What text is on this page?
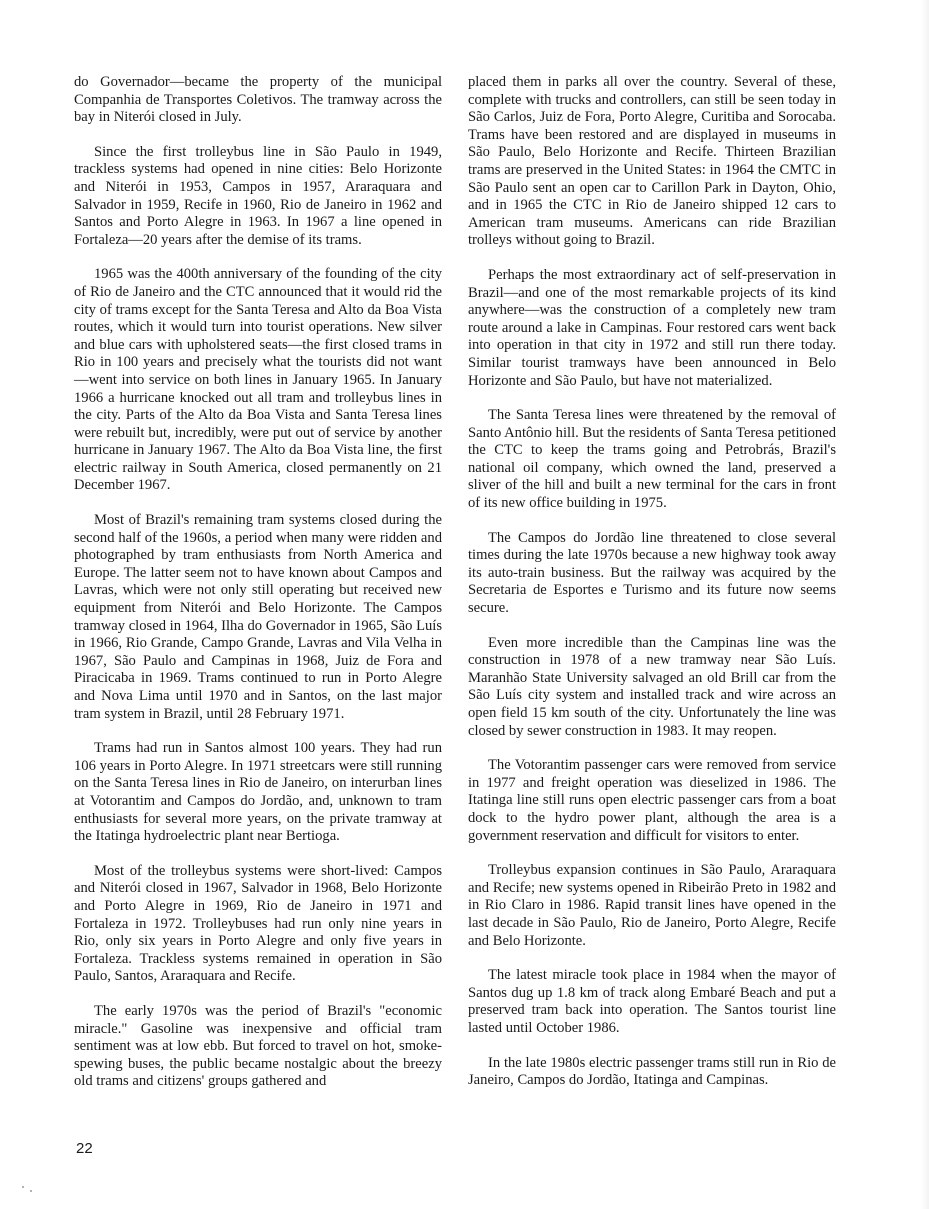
do Governador—became the property of the municipal Companhia de Transportes Coletivos. The tramway across the bay in Niterói closed in July.

Since the first trolleybus line in São Paulo in 1949, trackless systems had opened in nine cities: Belo Horizonte and Niterói in 1953, Campos in 1957, Araraquara and Salvador in 1959, Recife in 1960, Rio de Janeiro in 1962 and Santos and Porto Alegre in 1963. In 1967 a line opened in Fortaleza—20 years after the demise of its trams.

1965 was the 400th anniversary of the founding of the city of Rio de Janeiro and the CTC announced that it would rid the city of trams except for the Santa Teresa and Alto da Boa Vista routes, which it would turn into tourist operations. New silver and blue cars with upholstered seats—the first closed trams in Rio in 100 years and precisely what the tourists did not want—went into service on both lines in January 1965. In January 1966 a hurricane knocked out all tram and trolleybus lines in the city. Parts of the Alto da Boa Vista and Santa Teresa lines were rebuilt but, incredibly, were put out of service by another hurricane in January 1967. The Alto da Boa Vista line, the first electric railway in South America, closed permanently on 21 December 1967.

Most of Brazil's remaining tram systems closed during the second half of the 1960s, a period when many were ridden and photographed by tram enthusiasts from North America and Europe. The latter seem not to have known about Campos and Lavras, which were not only still operating but received new equipment from Niterói and Belo Horizonte. The Campos tramway closed in 1964, Ilha do Governador in 1965, São Luís in 1966, Rio Grande, Campo Grande, Lavras and Vila Velha in 1967, São Paulo and Campinas in 1968, Juiz de Fora and Piracicaba in 1969. Trams continued to run in Porto Alegre and Nova Lima until 1970 and in Santos, on the last major tram system in Brazil, until 28 February 1971.

Trams had run in Santos almost 100 years. They had run 106 years in Porto Alegre. In 1971 streetcars were still running on the Santa Teresa lines in Rio de Janeiro, on interurban lines at Votorantim and Campos do Jordão, and, unknown to tram enthusiasts for several more years, on the private tramway at the Itatinga hydroelectric plant near Bertioga.

Most of the trolleybus systems were short-lived: Campos and Niterói closed in 1967, Salvador in 1968, Belo Horizonte and Porto Alegre in 1969, Rio de Janeiro in 1971 and Fortaleza in 1972. Trolleybuses had run only nine years in Rio, only six years in Porto Alegre and only five years in Fortaleza. Trackless systems remained in operation in São Paulo, Santos, Araraquara and Recife.

The early 1970s was the period of Brazil's "economic miracle." Gasoline was inexpensive and official tram sentiment was at low ebb. But forced to travel on hot, smoke-spewing buses, the public became nostalgic about the breezy old trams and citizens' groups gathered and

placed them in parks all over the country. Several of these, complete with trucks and controllers, can still be seen today in São Carlos, Juiz de Fora, Porto Alegre, Curitiba and Sorocaba. Trams have been restored and are displayed in museums in São Paulo, Belo Horizonte and Recife. Thirteen Brazilian trams are preserved in the United States: in 1964 the CMTC in São Paulo sent an open car to Carillon Park in Dayton, Ohio, and in 1965 the CTC in Rio de Janeiro shipped 12 cars to American tram museums. Americans can ride Brazilian trolleys without going to Brazil.

Perhaps the most extraordinary act of self-preservation in Brazil—and one of the most remarkable projects of its kind anywhere—was the construction of a completely new tram route around a lake in Campinas. Four restored cars went back into operation in that city in 1972 and still run there today. Similar tourist tramways have been announced in Belo Horizonte and São Paulo, but have not materialized.

The Santa Teresa lines were threatened by the removal of Santo Antônio hill. But the residents of Santa Teresa petitioned the CTC to keep the trams going and Petrobrás, Brazil's national oil company, which owned the land, preserved a sliver of the hill and built a new terminal for the cars in front of its new office building in 1975.

The Campos do Jordão line threatened to close several times during the late 1970s because a new highway took away its auto-train business. But the railway was acquired by the Secretaria de Esportes e Turismo and its future now seems secure.

Even more incredible than the Campinas line was the construction in 1978 of a new tramway near São Luís. Maranhão State University salvaged an old Brill car from the São Luís city system and installed track and wire across an open field 15 km south of the city. Unfortunately the line was closed by sewer construction in 1983. It may reopen.

The Votorantim passenger cars were removed from service in 1977 and freight operation was dieselized in 1986. The Itatinga line still runs open electric passenger cars from a boat dock to the hydro power plant, although the area is a government reservation and difficult for visitors to enter.

Trolleybus expansion continues in São Paulo, Araraquara and Recife; new systems opened in Ribeirão Preto in 1982 and in Rio Claro in 1986. Rapid transit lines have opened in the last decade in São Paulo, Rio de Janeiro, Porto Alegre, Recife and Belo Horizonte.

The latest miracle took place in 1984 when the mayor of Santos dug up 1.8 km of track along Embaré Beach and put a preserved tram back into operation. The Santos tourist line lasted until October 1986.

In the late 1980s electric passenger trams still run in Rio de Janeiro, Campos do Jordão, Itatinga and Campinas.

22
